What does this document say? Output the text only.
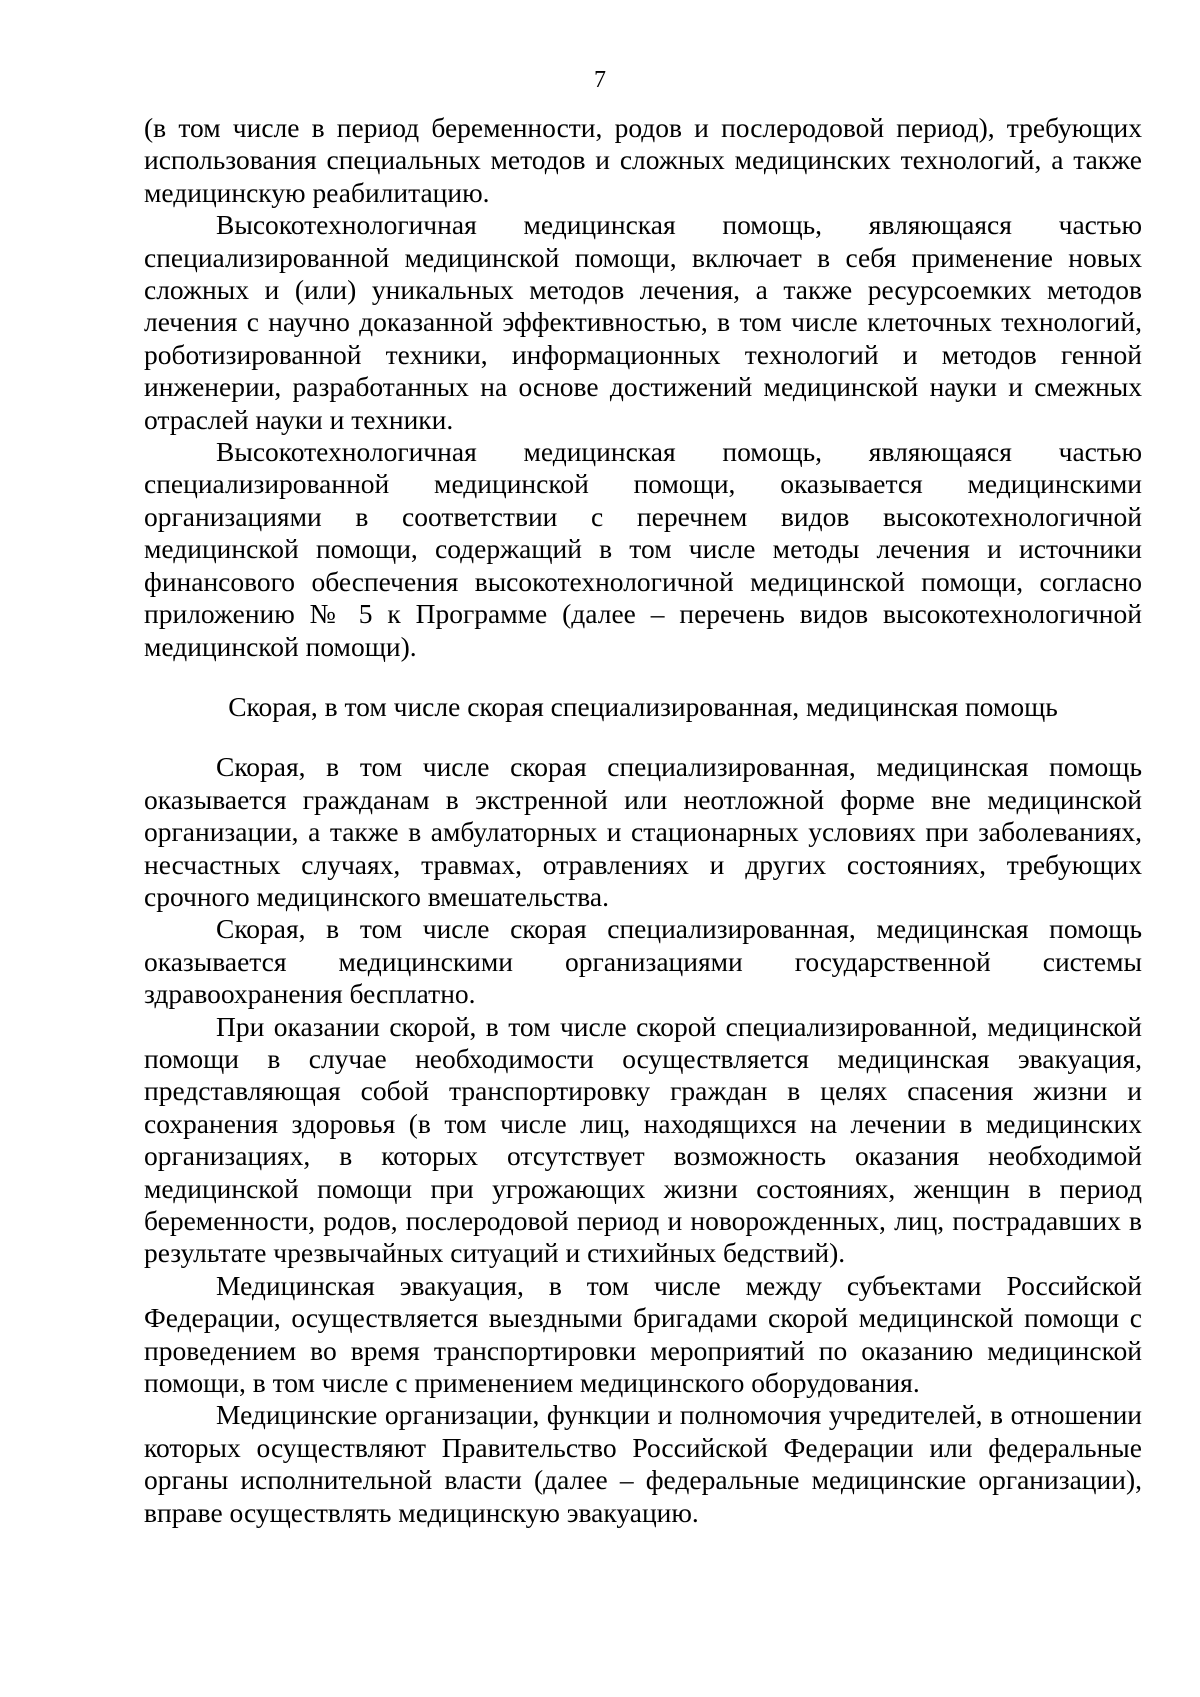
7

(в том числе в период беременности, родов и послеродовой период), требующих использования специальных методов и сложных медицинских технологий, а также медицинскую реабилитацию.

Высокотехнологичная медицинская помощь, являющаяся частью специализированной медицинской помощи, включает в себя применение новых сложных и (или) уникальных методов лечения, а также ресурсоемких методов лечения с научно доказанной эффективностью, в том числе клеточных технологий, роботизированной техники, информационных технологий и методов генной инженерии, разработанных на основе достижений медицинской науки и смежных отраслей науки и техники.

Высокотехнологичная медицинская помощь, являющаяся частью специализированной медицинской помощи, оказывается медицинскими организациями в соответствии с перечнем видов высокотехнологичной медицинской помощи, содержащий в том числе методы лечения и источники финансового обеспечения высокотехнологичной медицинской помощи, согласно приложению № 5 к Программе (далее – перечень видов высокотехнологичной медицинской помощи).

Скорая, в том числе скорая специализированная, медицинская помощь

Скорая, в том числе скорая специализированная, медицинская помощь оказывается гражданам в экстренной или неотложной форме вне медицинской организации, а также в амбулаторных и стационарных условиях при заболеваниях, несчастных случаях, травмах, отравлениях и других состояниях, требующих срочного медицинского вмешательства.

Скорая, в том числе скорая специализированная, медицинская помощь оказывается медицинскими организациями государственной системы здравоохранения бесплатно.

При оказании скорой, в том числе скорой специализированной, медицинской помощи в случае необходимости осуществляется медицинская эвакуация, представляющая собой транспортировку граждан в целях спасения жизни и сохранения здоровья (в том числе лиц, находящихся на лечении в медицинских организациях, в которых отсутствует возможность оказания необходимой медицинской помощи при угрожающих жизни состояниях, женщин в период беременности, родов, послеродовой период и новорожденных, лиц, пострадавших в результате чрезвычайных ситуаций и стихийных бедствий).

Медицинская эвакуация, в том числе между субъектами Российской Федерации, осуществляется выездными бригадами скорой медицинской помощи с проведением во время транспортировки мероприятий по оказанию медицинской помощи, в том числе с применением медицинского оборудования.

Медицинские организации, функции и полномочия учредителей, в отношении которых осуществляют Правительство Российской Федерации или федеральные органы исполнительной власти (далее – федеральные медицинские организации), вправе осуществлять медицинскую эвакуацию.
